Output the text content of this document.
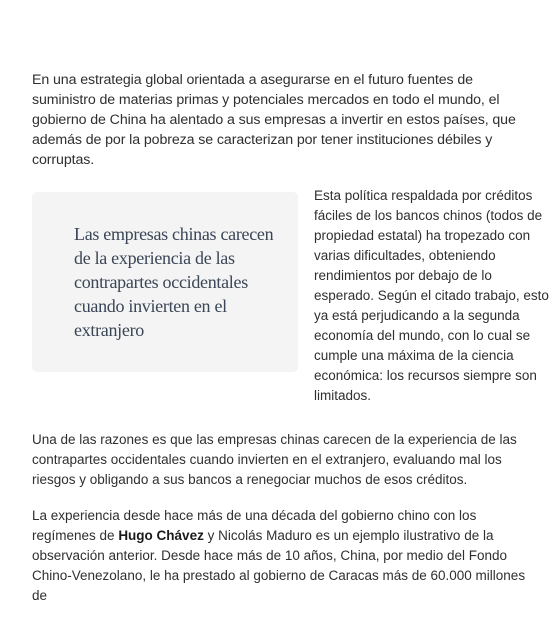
En una estrategia global orientada a asegurarse en el futuro fuentes de suministro de materias primas y potenciales mercados en todo el mundo, el gobierno de China ha alentado a sus empresas a invertir en estos países, que además de por la pobreza se caracterizan por tener instituciones débiles y corruptas.

Las empresas chinas carecen de la experiencia de las contrapartes occidentales cuando invierten en el extranjero

Esta política respaldada por créditos fáciles de los bancos chinos (todos de propiedad estatal) ha tropezado con varias dificultades, obteniendo rendimientos por debajo de lo esperado. Según el citado trabajo, esto ya está perjudicando a la segunda economía del mundo, con lo cual se cumple una máxima de la ciencia económica: los recursos siempre son limitados.

Una de las razones es que las empresas chinas carecen de la experiencia de las contrapartes occidentales cuando invierten en el extranjero, evaluando mal los riesgos y obligando a sus bancos a renegociar muchos de esos créditos.

La experiencia desde hace más de una década del gobierno chino con los regímenes de Hugo Chávez y Nicolás Maduro es un ejemplo ilustrativo de la observación anterior. Desde hace más de 10 años, China, por medio del Fondo Chino-Venezolano, le ha prestado al gobierno de Caracas más de 60.000 millones de
